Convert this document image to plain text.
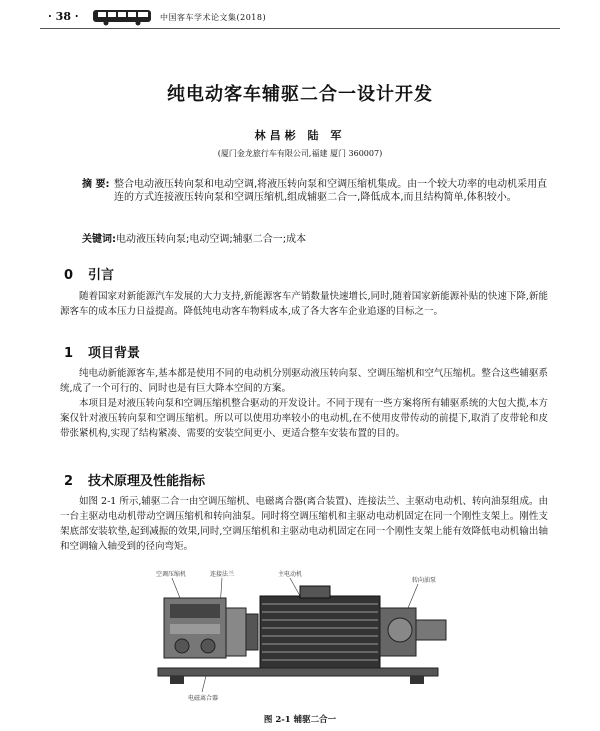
· 38 ·	中国客车学术论文集(2018)
纯电动客车辅驱二合一设计开发
林昌彬 陆 军
(厦门金龙旅行车有限公司,福建 厦门 360007)
摘 要: 整合电动液压转向泵和电动空调,将液压转向泵和空调压缩机集成。由一个较大功率的电动机采用直连的方式连接液压转向泵和空调压缩机,组成辅驱二合一,降低成本,而且结构简单,体积较小。
关键词:电动液压转向泵;电动空调;辅驱二合一;成本
0 引言

随着国家对新能源汽车发展的大力支持,新能源客车产销数量快速增长,同时,随着国家新能源补贴的快速下降,新能源客车的成本压力日益提高。降低纯电动客车物料成本,成了各大客车企业追逐的目标之一。

1 项目背景

纯电动新能源客车,基本都是使用不同的电动机分别驱动液压转向泵、空调压缩机和空气压缩机。整合这些辅驱系统,成了一个可行的、同时也是有巨大降本空间的方案。

本项目是对液压转向泵和空调压缩机整合驱动的开发设计。不同于现有一些方案将所有辅驱系统的大包大揽,本方案仅针对液压转向泵和空调压缩机。所以可以使用功率较小的电动机,在不使用皮带传动的前提下,取消了皮带轮和皮带张紧机构,实现了结构紧凑、需要的安装空间更小、更适合整车安装布置的目的。

2 技术原理及性能指标

如图 2-1 所示,辅驱二合一由空调压缩机、电磁离合器(离合装置)、连接法兰、主驱动电动机、转向油泵组成。由一台主驱动电动机带动空调压缩机和转向油泵。同时将空调压缩机和主驱动电动机固定在同一个刚性支架上。刚性支架底部安装软垫,起到减振的效果,同时,空调压缩机和主驱动电动机固定在同一个刚性支架上能有效降低电动机输出轴和空调输入轴受到的径向弯矩。

空调压缩机	连接法兰	主电动机
转向油泵
电磁离合器
图 2-1 辅驱二合一
